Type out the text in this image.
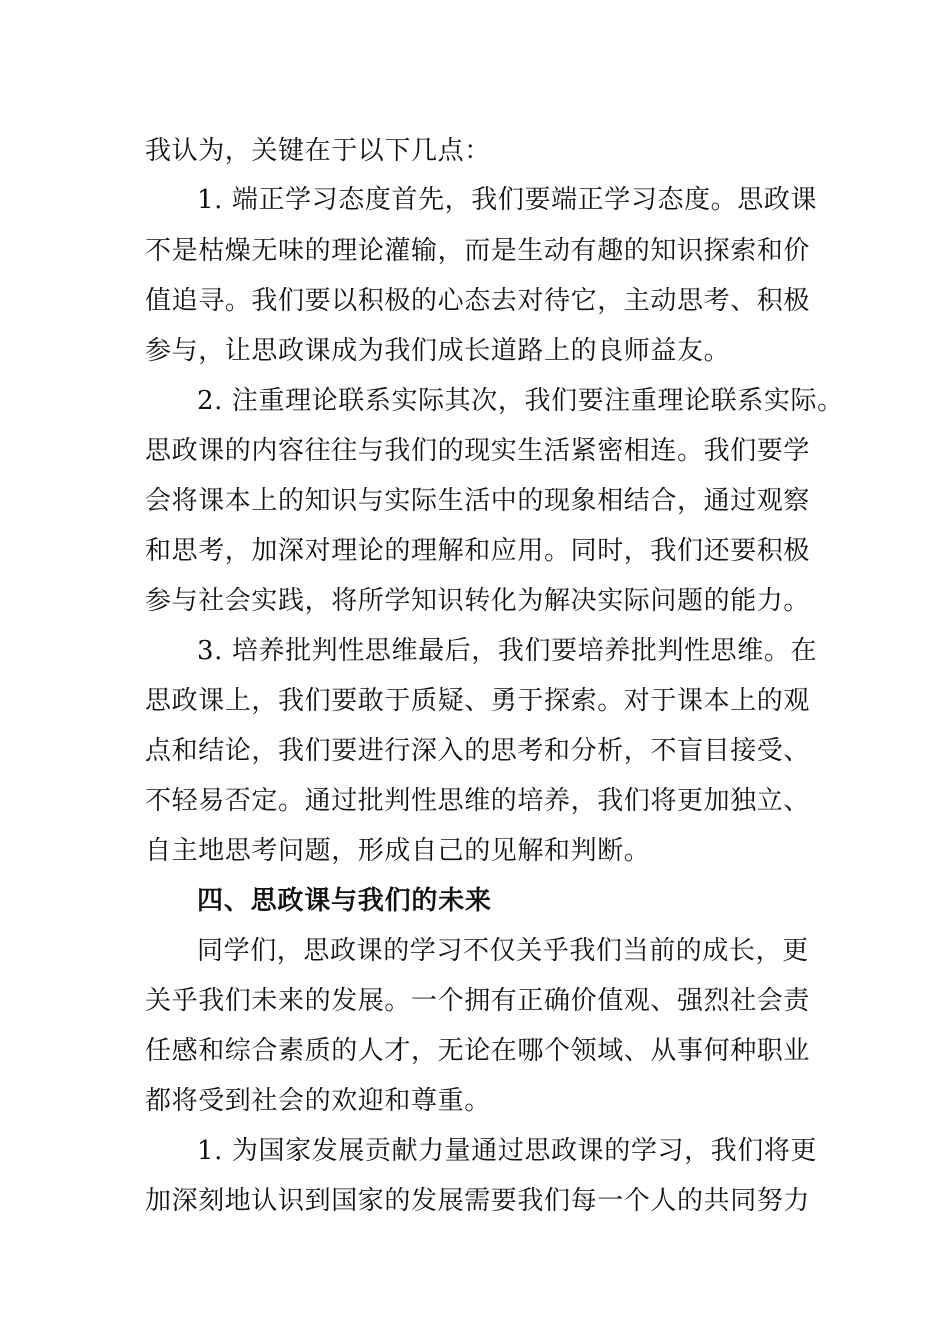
我认为，关键在于以下几点：
1. 端正学习态度首先，我们要端正学习态度。思政课
不是枯燥无味的理论灌输，而是生动有趣的知识探索和价
值追寻。我们要以积极的心态去对待它，主动思考、积极
参与，让思政课成为我们成长道路上的良师益友。
2. 注重理论联系实际其次，我们要注重理论联系实际。
思政课的内容往往与我们的现实生活紧密相连。我们要学
会将课本上的知识与实际生活中的现象相结合，通过观察
和思考，加深对理论的理解和应用。同时，我们还要积极
参与社会实践，将所学知识转化为解决实际问题的能力。
3. 培养批判性思维最后，我们要培养批判性思维。在
思政课上，我们要敢于质疑、勇于探索。对于课本上的观
点和结论，我们要进行深入的思考和分析，不盲目接受、
不轻易否定。通过批判性思维的培养，我们将更加独立、
自主地思考问题，形成自己的见解和判断。
四、思政课与我们的未来
同学们，思政课的学习不仅关乎我们当前的成长，更
关乎我们未来的发展。一个拥有正确价值观、强烈社会责
任感和综合素质的人才，无论在哪个领域、从事何种职业
都将受到社会的欢迎和尊重。
1. 为国家发展贡献力量通过思政课的学习，我们将更
加深刻地认识到国家的发展需要我们每一个人的共同努力
